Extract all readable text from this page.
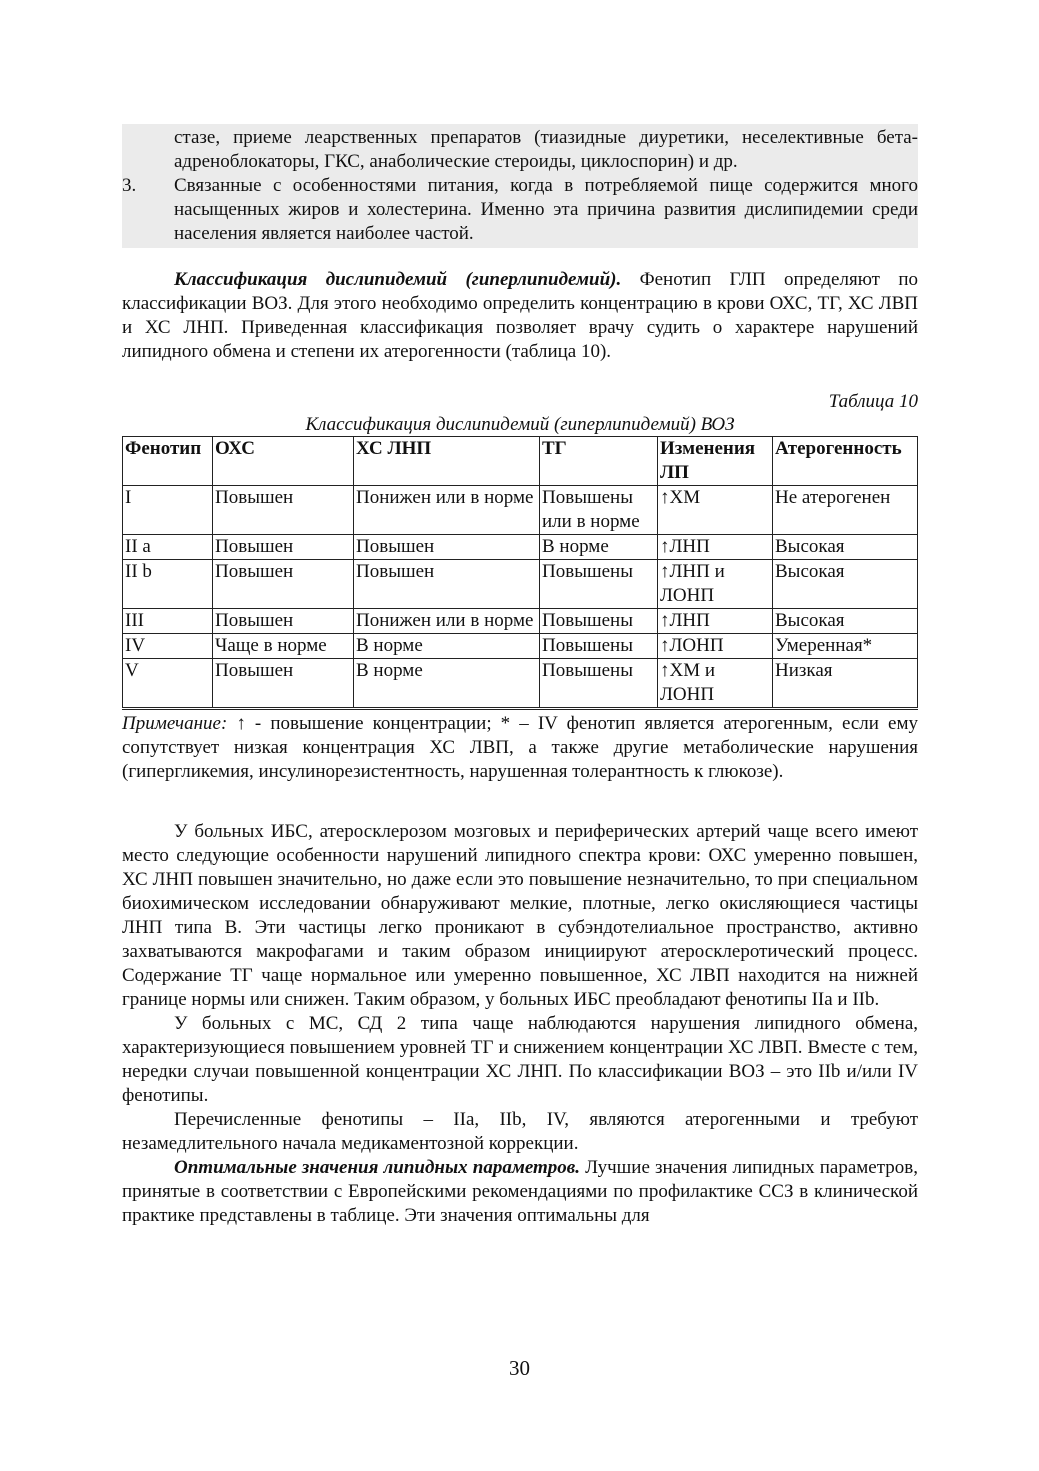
стазе, приеме леарственных препаратов (тиазидные диуретики, неселективные бета-адреноблокаторы, ГКС, анаболические стероиды, циклоспорин) и др.
3.	Связанные с особенностями питания, когда в потребляемой пище содержится много насыщенных жиров и холестерина. Именно эта причина развития дислипидемии среди населения является наиболее частой.

Классификация дислипидемий (гиперлипидемий). Фенотип ГЛП определяют по классификации ВОЗ. Для этого необходимо определить концентрацию в крови ОХС, ТГ, ХС ЛВП и ХС ЛНП. Приведенная классификация позволяет врачу судить о характере нарушений липидного обмена и степени их атерогенности (таблица 10).

Таблица 10
Классификация дислипидемий (гиперлипидемий) ВОЗ
Фенотип	ОХС	ХС ЛНП	ТГ	Изменения ЛП	Атерогенность
I	Повышен	Понижен или в норме	Повышены или в норме	↑ХМ	Не атерогенен
II a	Повышен	Повышен	В норме	↑ЛНП	Высокая
II b	Повышен	Повышен	Повышены	↑ЛНП и ЛОНП	Высокая
III	Повышен	Понижен или в норме	Повышены	↑ЛНП	Высокая
IV	Чаще в норме	В норме	Повышены	↑ЛОНП	Умеренная*
V	Повышен	В норме	Повышены	↑ХМ и ЛОНП	Низкая

Примечание: ↑ - повышение концентрации; * – IV фенотип является атерогенным, если ему сопутствует низкая концентрация ХС ЛВП, а также другие метаболические нарушения (гипергликемия, инсулинорезистентность, нарушенная толерантность к глюкозе).

У больных ИБС, атеросклерозом мозговых и периферических артерий чаще всего имеют место следующие особенности нарушений липидного спектра крови: ОХС умеренно повышен, ХС ЛНП повышен значительно, но даже если это повышение незначительно, то при специальном биохимическом исследовании обнаруживают мелкие, плотные, легко окисляющиеся частицы ЛНП типа В. Эти частицы легко проникают в субэндотелиальное пространство, активно захватываются макрофагами и таким образом инициируют атеросклеротический процесс. Содержание ТГ чаще нормальное или умеренно повышенное, ХС ЛВП находится на нижней границе нормы или снижен. Таким образом, у больных ИБС преобладают фенотипы IIa и IIb.

У больных с МС, СД 2 типа чаще наблюдаются нарушения липидного обмена, характеризующиеся повышением уровней ТГ и снижением концентрации ХС ЛВП. Вместе с тем, нередки случаи повышенной концентрации ХС ЛНП. По классификации ВОЗ – это IIb и/или IV фенотипы.

Перечисленные фенотипы – IIa, IIb, IV, являются атерогенными и требуют незамедлительного начала медикаментозной коррекции.

Оптимальные значения липидных параметров. Лучшие значения липидных параметров, принятые в соответствии с Европейскими рекомендациями по профилактике ССЗ в клинической практике представлены в таблице. Эти значения оптимальны для

30
